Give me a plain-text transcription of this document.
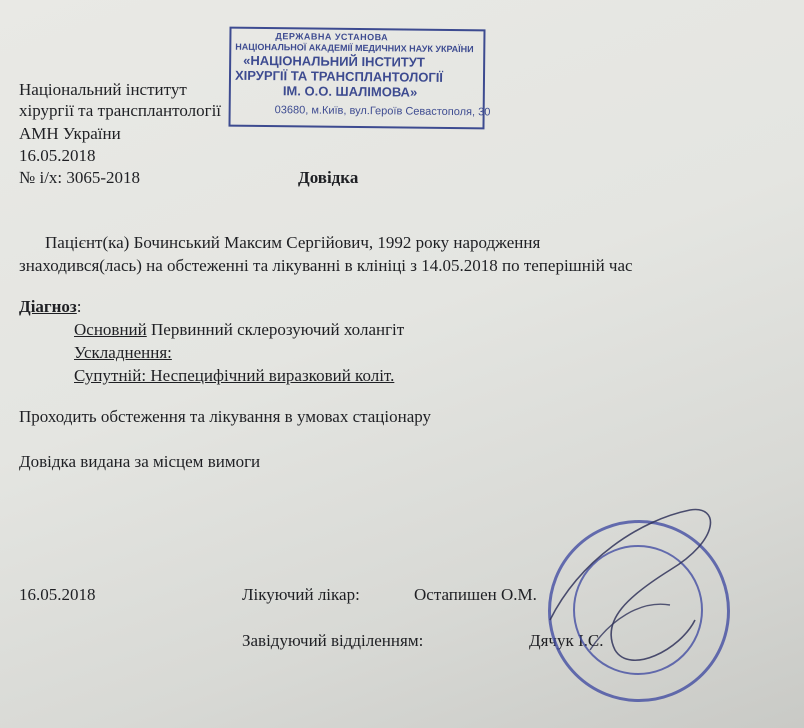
ДЕРЖАВНА УСТАНОВА
НАЦІОНАЛЬНОЇ АКАДЕМІЇ МЕДИЧНИХ НАУК УКРАЇНИ
«НАЦІОНАЛЬНИЙ ІНСТИТУТ
ХІРУРГІЇ ТА ТРАНСПЛАНТОЛОГІЇ
ІМ. О.О. ШАЛІМОВА»
03680, м.Київ, вул.Героїв Севастополя, 30
Національний інститут
хірургії та трансплантології
АМН України
16.05.2018
№ і/х: 3065-2018	Довідка
Пацієнт(ка) Бочинський Максим Сергійович, 1992 року народження
знаходився(лась) на обстеженні та лікуванні в клініці з 14.05.2018 по теперішній час
Діагноз:
Основний Первинний склерозуючий холангіт
Ускладнення:
Супутній: Неспецифічний виразковий коліт.
Проходить обстеження та лікування в умовах стаціонару
Довідка видана за місцем вимоги
16.05.2018	Лікуючий лікар:	Остапишен О.М.
Завідуючий відділенням:	Дячук І.С.
